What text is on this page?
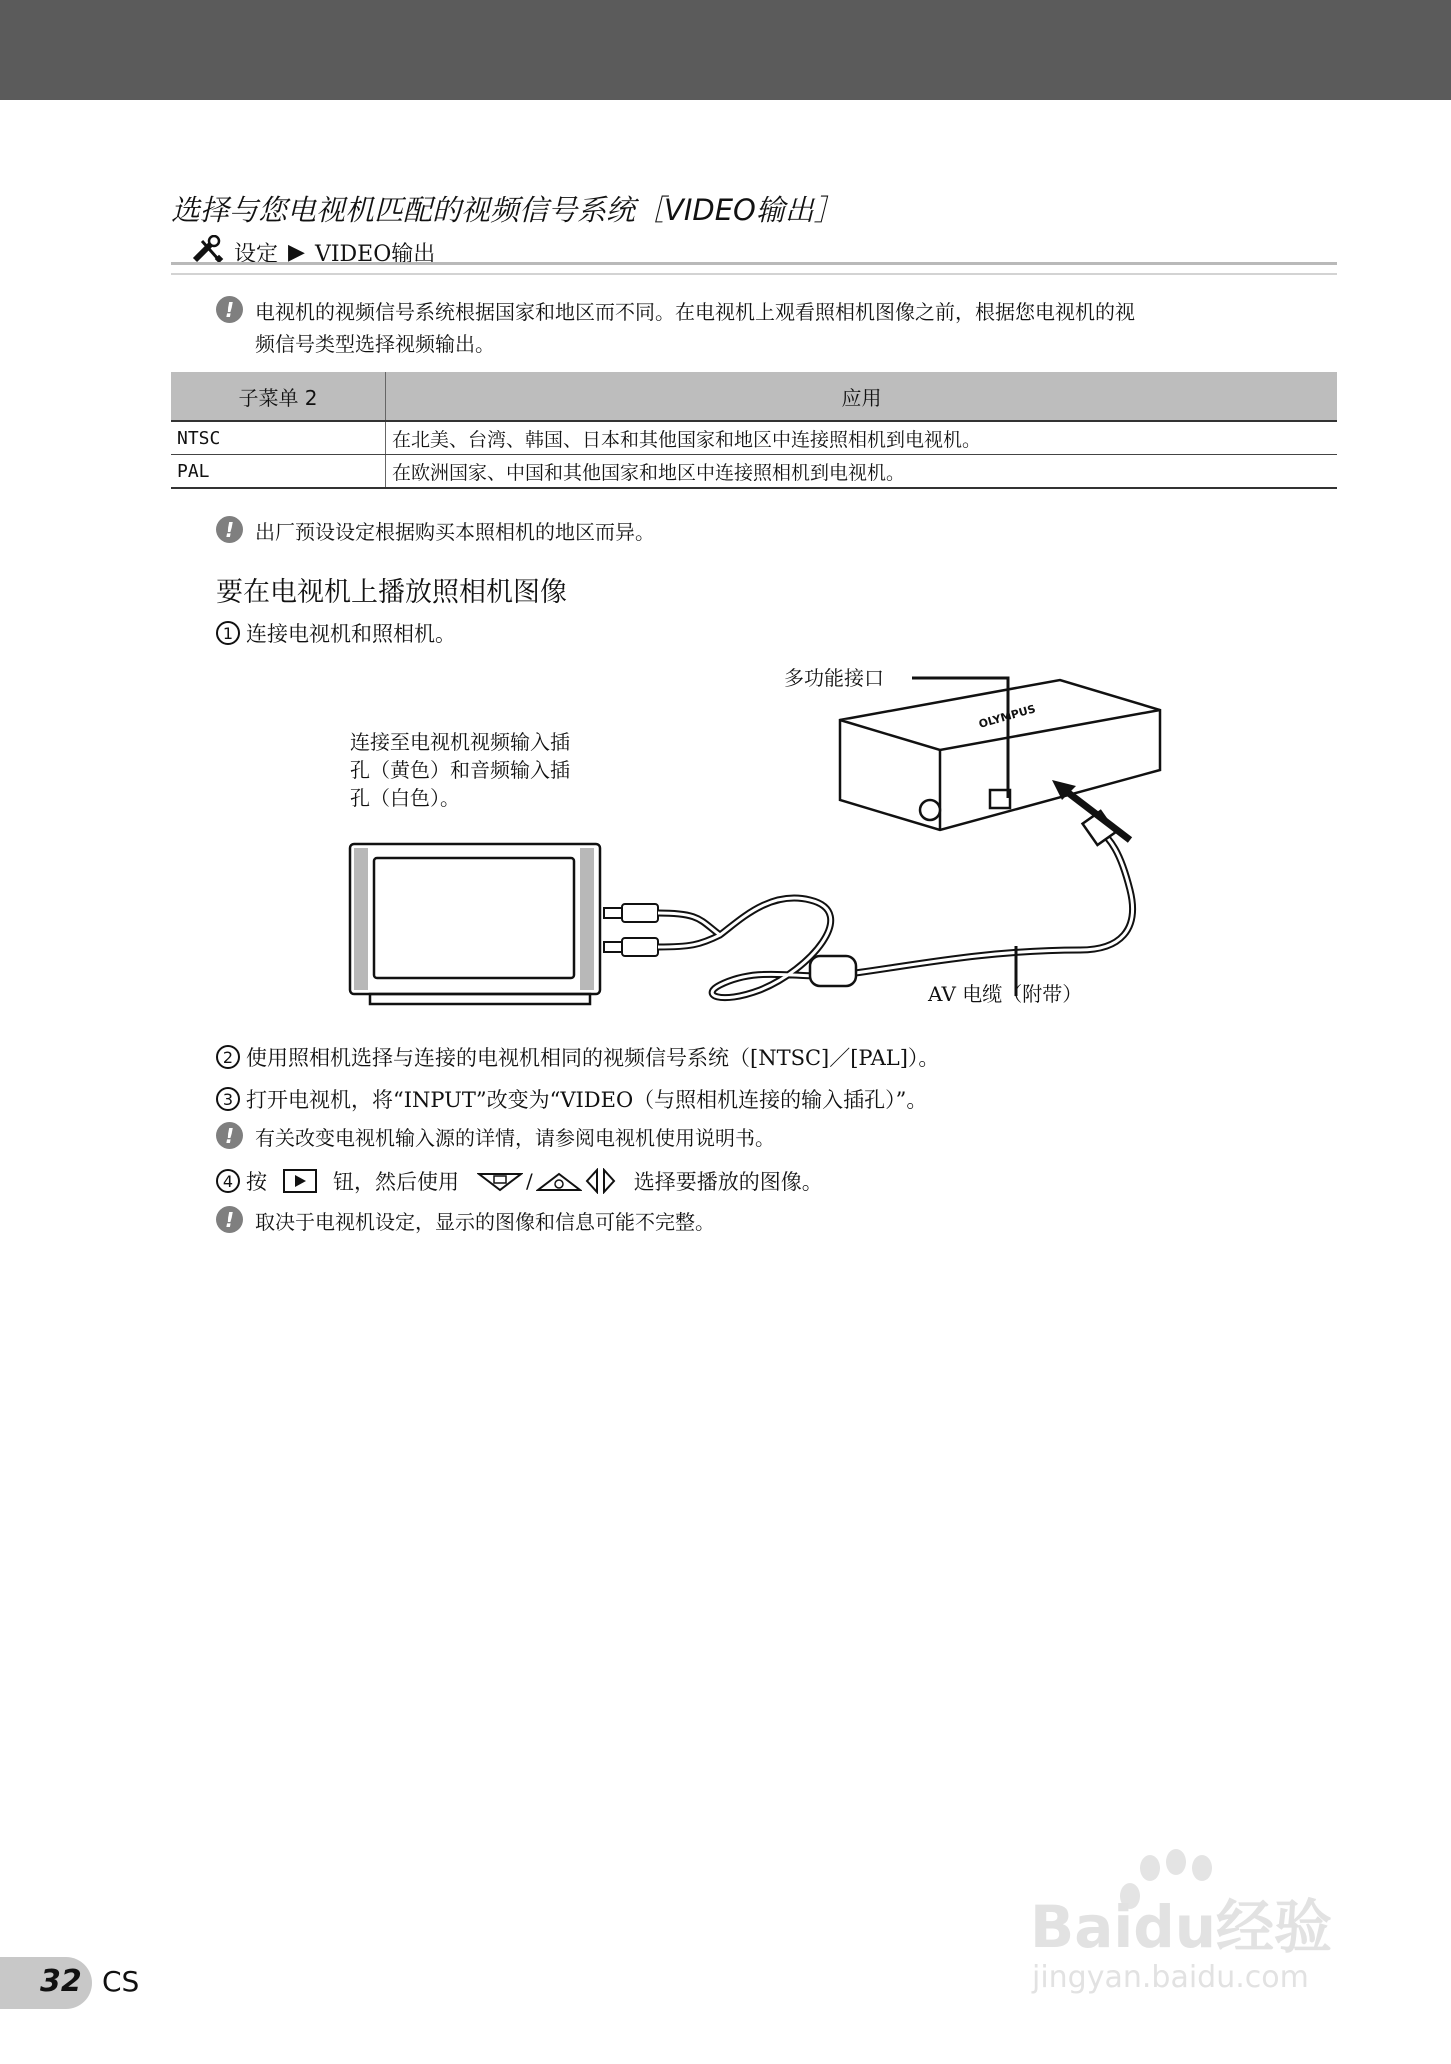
选择与您电视机匹配的视频信号系统［VIDEO输出］
设定 ▶ VIDEO输出
!	电视机的视频信号系统根据国家和地区而不同。在电视机上观看照相机图像之前，根据您电视机的视
频信号类型选择视频输出。
子菜单 2	应用
NTSC	在北美、台湾、韩国、日本和其他国家和地区中连接照相机到电视机。
PAL	在欧洲国家、中国和其他国家和地区中连接照相机到电视机。
!	出厂预设设定根据购买本照相机的地区而异。
要在电视机上播放照相机图像
1 连接电视机和照相机。
OLYMPUS
多功能接口
连接至电视机视频输入插
孔（黄色）和音频输入插
孔（白色）。
AV 电缆（附带）
2 使用照相机选择与连接的电视机相同的视频信号系统（[NTSC]／[PAL]）。
3 打开电视机，将“INPUT”改变为“VIDEO（与照相机连接的输入插孔）”。
!	有关改变电视机输入源的详情，请参阅电视机使用说明书。
4 按	钮，然后使用	/	选择要播放的图像。
!	取决于电视机设定，显示的图像和信息可能不完整。
Baidu经验
jingyan.baidu.com
32 CS
